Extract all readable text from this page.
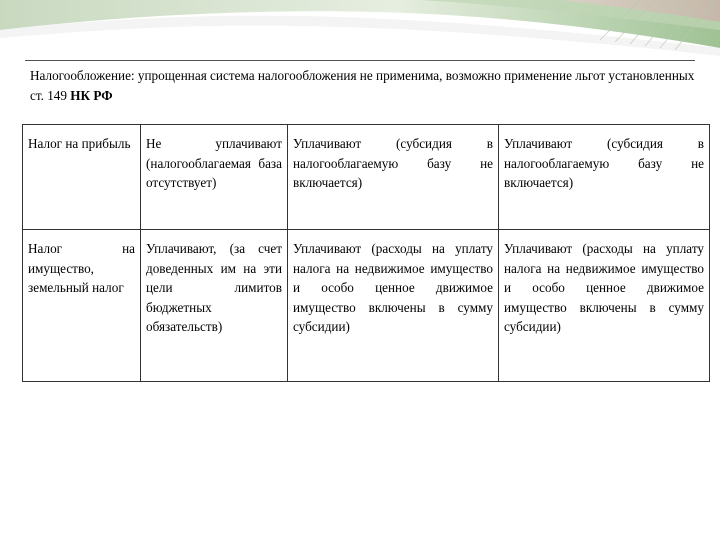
Налогообложение: упрощенная система налогообложения не применима, возможно применение льгот установленных ст. 149 НК РФ
Налог на прибыль	Не уплачивают (налогооблагаемая база отсутствует)	Уплачивают (субсидия в налогооблагаемую базу не включается)	Уплачивают (субсидия в налогооблагаемую базу не включается)
Налог на имущество, земельный налог	Уплачивают, (за счет доведенных им на эти цели лимитов бюджетных обязательств)	Уплачивают (расходы на уплату налога на недвижимое имущество и особо ценное движимое имущество включены в сумму субсидии)	Уплачивают (расходы на уплату налога на недвижимое имущество и особо ценное движимое имущество включены в сумму субсидии)
